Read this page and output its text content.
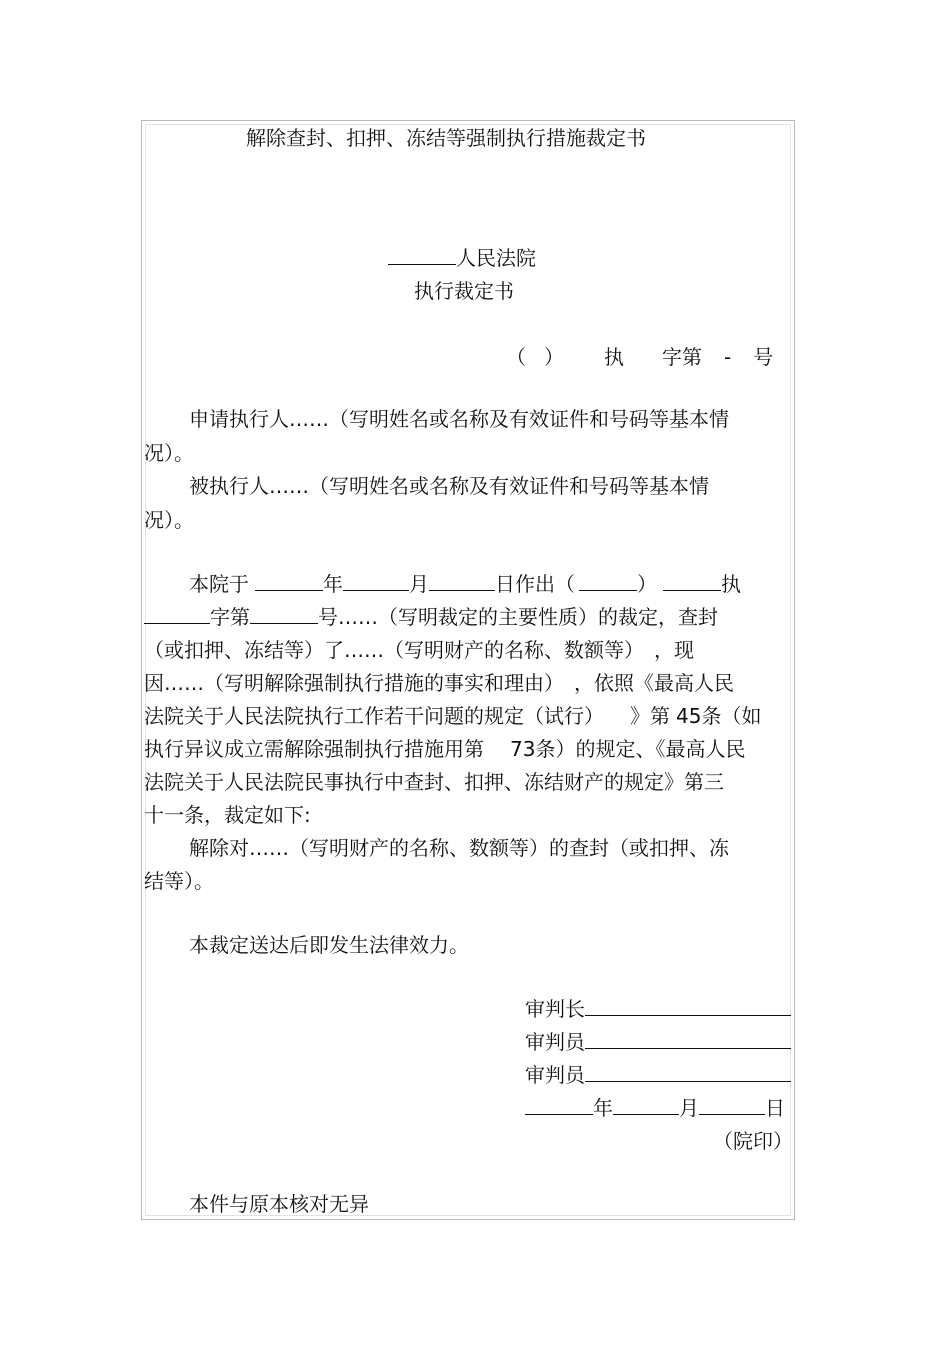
解除查封、扣押、冻结等强制执行措施裁定书
人民法院
执行裁定书
（ ） 执 字第 - 号
申请执行人……（写明姓名或名称及有效证件和号码等基本情
况）。
被执行人……（写明姓名或名称及有效证件和号码等基本情
况）。
本院于	年	月	日作出（	）	执
字第	号……（写明裁定的主要性质）的裁定，查封
（或扣押、冻结等）了……（写明财产的名称、数额等）　，现
因……（写明解除强制执行措施的事实和理由）　，依照《最高人民
法院关于人民法院执行工作若干问题的规定（试行） 》第 45条（如
执行异议成立需解除强制执行措施用第 73条）的规定、《最高人民
法院关于人民法院民事执行中查封、扣押、冻结财产的规定》第三
十一条，裁定如下:
解除对……（写明财产的名称、数额等）的查封（或扣押、冻
结等）。
本裁定送达后即发生法律效力。
审判长
审判员
审判员
年	月	日
（院印）
本件与原本核对无异
